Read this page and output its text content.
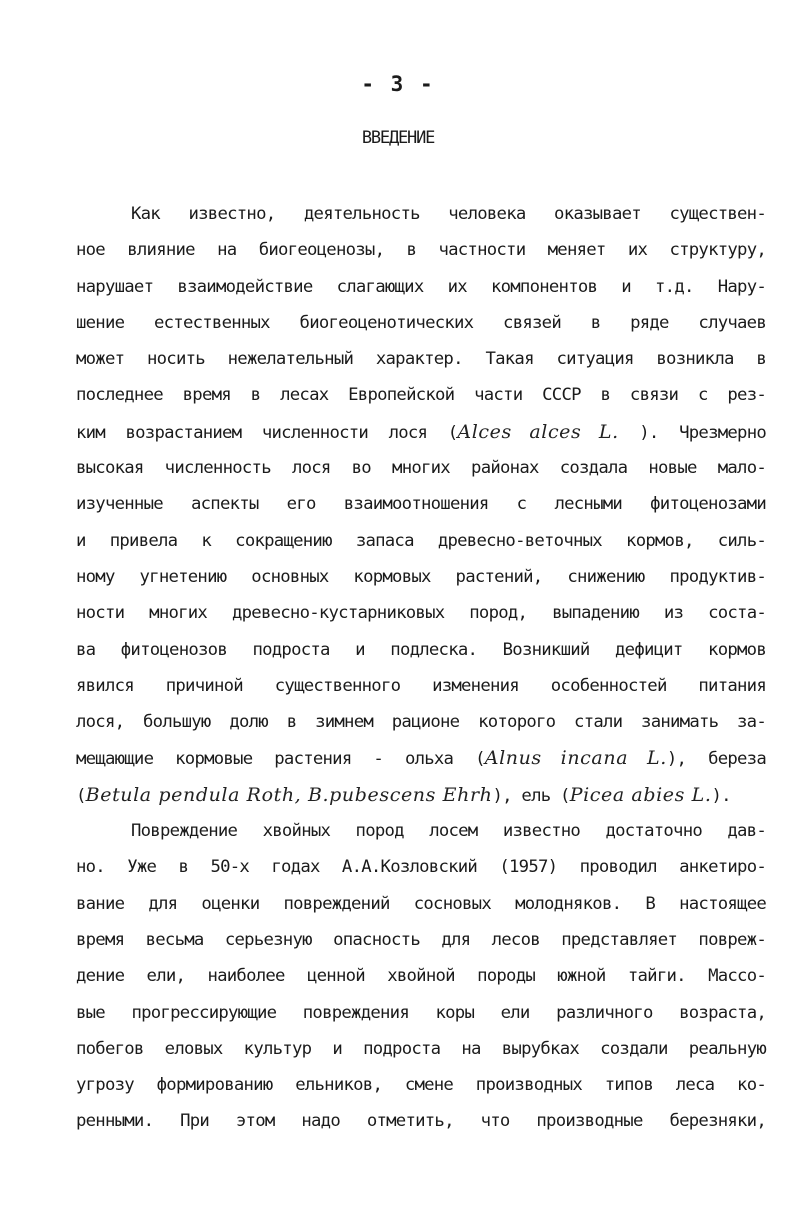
- 3 -
ВВЕДЕНИЕ
Как известно, деятельность человека оказывает существен-
ное влияние на биогеоценозы, в частности меняет их структуру,
нарушает взаимодействие слагающих их компонентов и т.д. Нару-
шение естественных биогеоценотических связей в ряде случаев
может носить нежелательный характер. Такая ситуация возникла в
последнее время в лесах Европейской части СССР в связи с рез-
ким возрастанием численности лося (Alces alces L. ). Чрезмерно
высокая численность лося во многих районах создала новые мало-
изученные аспекты его взаимоотношения с лесными фитоценозами
и привела к сокращению запаса древесно-веточных кормов, силь-
ному угнетению основных кормовых растений, снижению продуктив-
ности многих древесно-кустарниковых пород, выпадению из соста-
ва фитоценозов подроста и подлеска. Возникший дефицит кормов
явился причиной существенного изменения особенностей питания
лося, большую долю в зимнем рационе которого стали занимать за-
мещающие кормовые растения - ольха (Alnus incana L.), береза
(Betula pendula Roth, B.pubescens Ehrh), ель (Picea abies L.).
Повреждение хвойных пород лосем известно достаточно дав-
но. Уже в 50-х годах А.А.Козловский (1957) проводил анкетиро-
вание для оценки повреждений сосновых молодняков. В настоящее
время весьма серьезную опасность для лесов представляет повреж-
дение ели, наиболее ценной хвойной породы южной тайги. Массо-
вые прогрессирующие повреждения коры ели различного возраста,
побегов еловых культур и подроста на вырубках создали реальную
угрозу формированию ельников, смене производных типов леса ко-
ренными. При этом надо отметить, что производные березняки,
